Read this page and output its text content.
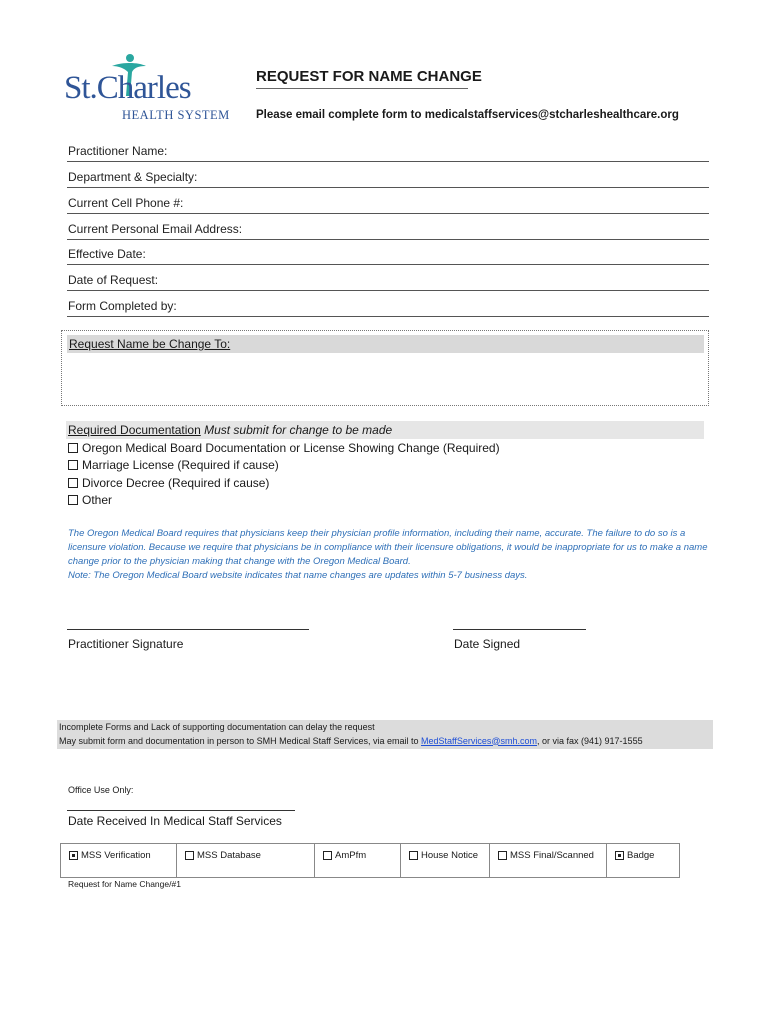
St.Charles
HEALTH SYSTEM
REQUEST FOR NAME CHANGE
Please email complete form to medicalstaffservices@stcharleshealthcare.org
Practitioner Name:
Department & Specialty:
Current Cell Phone #:
Current Personal Email Address:
Effective Date:
Date of Request:
Form Completed by:
Request Name be Change To:
Required Documentation Must submit for change to be made
Oregon Medical Board Documentation or License Showing Change (Required)
Marriage License (Required if cause)
Divorce Decree (Required if cause)
Other
The Oregon Medical Board requires that physicians keep their physician profile information, including their name, accurate. The failure to do so is a licensure violation. Because we require that physicians be in compliance with their licensure obligations, it would be inappropriate for us to make a name change prior to the physician making that change with the Oregon Medical Board.
Note: The Oregon Medical Board website indicates that name changes are updates within 5-7 business days.
Practitioner Signature	Date Signed
Incomplete Forms and Lack of supporting documentation can delay the request
May submit form and documentation in person to SMH Medical Staff Services, via email to MedStaffServices@smh.com, or via fax (941) 917-1555
Office Use Only:
Date Received In Medical Staff Services
MSS Verification	MSS Database	AmPfm	House Notice	MSS Final/Scanned	Badge
Request for Name Change/#1
